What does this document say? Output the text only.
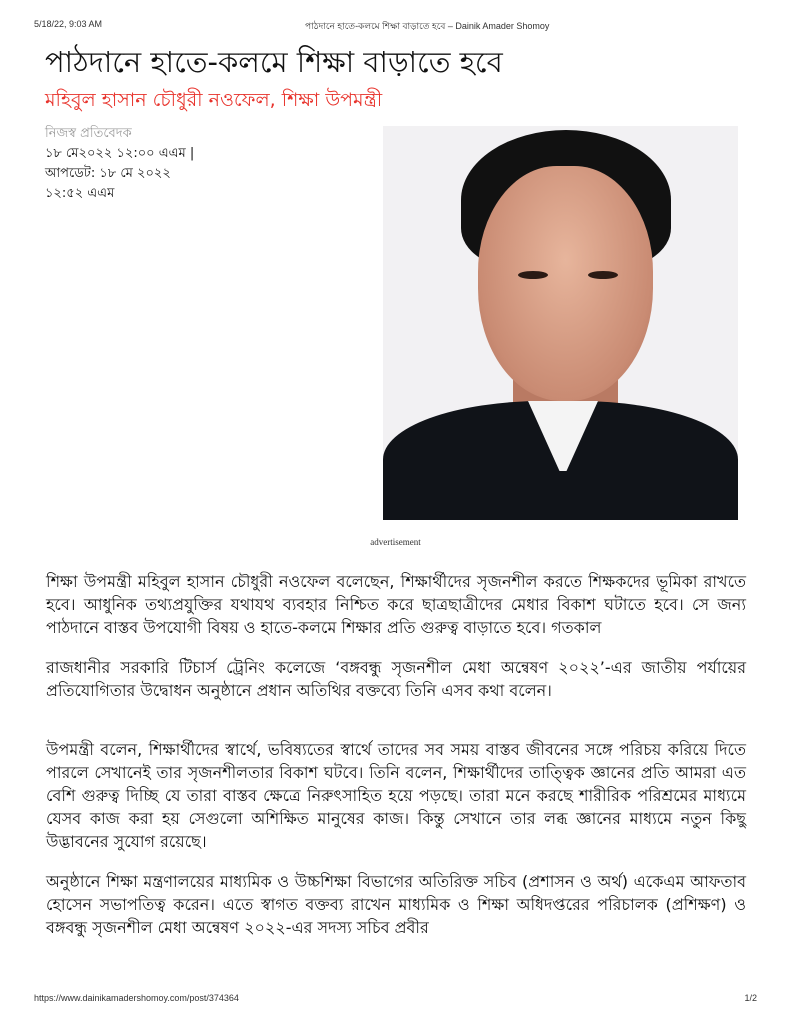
5/18/22, 9:03 AM	পাঠদানে হাতে-কলমে শিক্ষা বাড়াতে হবে – Dainik Amader Shomoy
পাঠদানে হাতে-কলমে শিক্ষা বাড়াতে হবে
মহিবুল হাসান চৌধুরী নওফেল, শিক্ষা উপমন্ত্রী
নিজস্ব প্রতিবেদক
১৮ মে২০২২ ১২:০০ এএম |
আপডেট: ১৮ মে ২০২২
১২:৫২ এএম
advertisement

শিক্ষা উপমন্ত্রী মহিবুল হাসান চৌধুরী নওফেল বলেছেন, শিক্ষার্থীদের সৃজনশীল করতে শিক্ষকদের ভূমিকা রাখতে হবে। আধুনিক তথ্যপ্রযুক্তির যথাযথ ব্যবহার নিশ্চিত করে ছাত্রছাত্রীদের মেধার বিকাশ ঘটাতে হবে। সে জন্য পাঠদানে বাস্তব উপযোগী বিষয় ও হাতে-কলমে শিক্ষার প্রতি গুরুত্ব বাড়াতে হবে। গতকাল

রাজধানীর সরকারি টিচার্স ট্রেনিং কলেজে ‘বঙ্গবন্ধু সৃজনশীল মেধা অন্বেষণ ২০২২’-এর জাতীয় পর্যায়ের প্রতিযোগিতার উদ্বোধন অনুষ্ঠানে প্রধান অতিথির বক্তব্যে তিনি এসব কথা বলেন।

উপমন্ত্রী বলেন, শিক্ষার্থীদের স্বার্থে, ভবিষ্যতের স্বার্থে তাদের সব সময় বাস্তব জীবনের সঙ্গে পরিচয় করিয়ে দিতে পারলে সেখানেই তার সৃজনশীলতার বিকাশ ঘটবে। তিনি বলেন, শিক্ষার্থীদের তাত্ত্বিক জ্ঞানের প্রতি আমরা এত বেশি গুরুত্ব দিচ্ছি যে তারা বাস্তব ক্ষেত্রে নিরুৎসাহিত হয়ে পড়ছে। তারা মনে করছে শারীরিক পরিশ্রমের মাধ্যমে যেসব কাজ করা হয় সেগুলো অশিক্ষিত মানুষের কাজ। কিন্তু সেখানে তার লব্ধ জ্ঞানের মাধ্যমে নতুন কিছু উদ্ভাবনের সুযোগ রয়েছে।

অনুষ্ঠানে শিক্ষা মন্ত্রণালয়ের মাধ্যমিক ও উচ্চশিক্ষা বিভাগের অতিরিক্ত সচিব (প্রশাসন ও অর্থ) একেএম আফতাব হোসেন সভাপতিত্ব করেন। এতে স্বাগত বক্তব্য রাখেন মাধ্যমিক ও শিক্ষা অধিদপ্তরের পরিচালক (প্রশিক্ষণ) ও বঙ্গবন্ধু সৃজনশীল মেধা অন্বেষণ ২০২২-এর সদস্য সচিব প্রবীর

https://www.dainikamadershomoy.com/post/374364	1/2
